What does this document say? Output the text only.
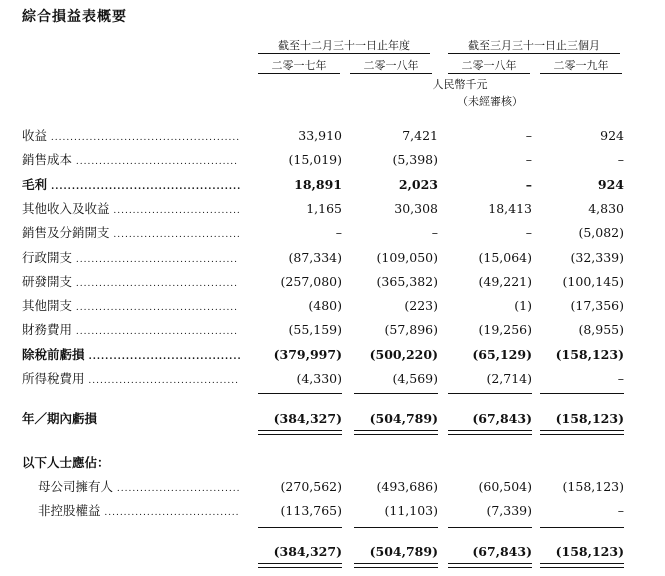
綜合損益表概要
截至十二月三十一日止年度	截至三月三十一日止三個月
二零一七年	二零一八年	二零一八年	二零一九年
人民幣千元
（未經審核）
收益 .................................................	33,910	7,421	–	924
銷售成本 ..........................................	(15,019)	(5,398)	–	–
毛利 ..............................................	18,891	2,023	–	924
其他收入及收益 .................................	1,165	30,308	18,413	4,830
銷售及分銷開支 .................................	–	–	–	(5,082)
行政開支 ..........................................	(87,334)	(109,050)	(15,064)	(32,339)
研發開支 ..........................................	(257,080)	(365,382)	(49,221)	(100,145)
其他開支 ..........................................	(480)	(223)	(1)	(17,356)
財務費用 ..........................................	(55,159)	(57,896)	(19,256)	(8,955)
除稅前虧損 .....................................	(379,997)	(500,220)	(65,129)	(158,123)
所得稅費用 .......................................	(4,330)	(4,569)	(2,714)	–
年／期內虧損	(384,327)	(504,789)	(67,843)	(158,123)
以下人士應佔：
母公司擁有人 ................................	(270,562)	(493,686)	(60,504)	(158,123)
非控股權益 ...................................	(113,765)	(11,103)	(7,339)	–
(384,327)	(504,789)	(67,843)	(158,123)
